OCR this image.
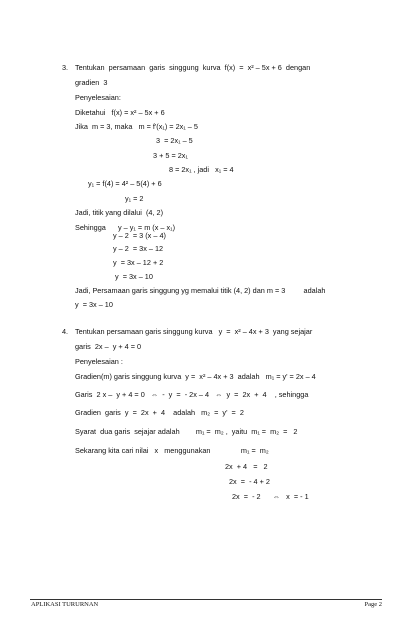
3. Tentukan  persamaan  garis  singgung  kurva  f(x)  =  x² – 5x + 6  dengan
gradien  3
Penyelesaian:
Diketahui   f(x) = x² – 5x + 6
Jika  m = 3, maka   m = f'(x₁) = 2x₁ – 5
3  = 2x₁ – 5
3 + 5 = 2x₁
8 = 2x₁ , jadi   x₁ = 4
y₁ = f(4) = 4² – 5(4) + 6
y₁ = 2
Jadi, titik yang dilalui  (4, 2)
Sehingga      y – y₁ = m (x – x₁)
y – 2  = 3 (x – 4)
y – 2  = 3x – 12
y  = 3x – 12 + 2
y  = 3x – 10
Jadi, Persamaan garis singgung yg memalui titik (4, 2) dan m = 3         adalah
y  = 3x – 10
4. Tentukan persamaan garis singgung kurva   y  =  x² – 4x + 3  yang sejajar
garis  2x –  y + 4 = 0
Penyelesaian :
Gradien(m) garis singgung kurva  y =  x² – 4x + 3  adalah   m₁ = y' = 2x – 4
Garis  2 x –  y + 4 = 0   ⇔  -  y  =  - 2x – 4   ⇔  y  =  2x  +  4    , sehingga
Gradien  garis  y  =  2x  +  4    adalah   m₂  =  y'  =  2
Syarat  dua garis  sejajar adalah        m₁ =  m₂ ,  yaitu  m₁ =  m₂  =   2
Sekarang kita cari nilai   x   menggunakan               m₁ =  m₂
2x  + 4   =   2
2x  =  - 4 + 2
2x  =  - 2      ⇔   x  = - 1
APLIKASI TURURNAN	Page 2
